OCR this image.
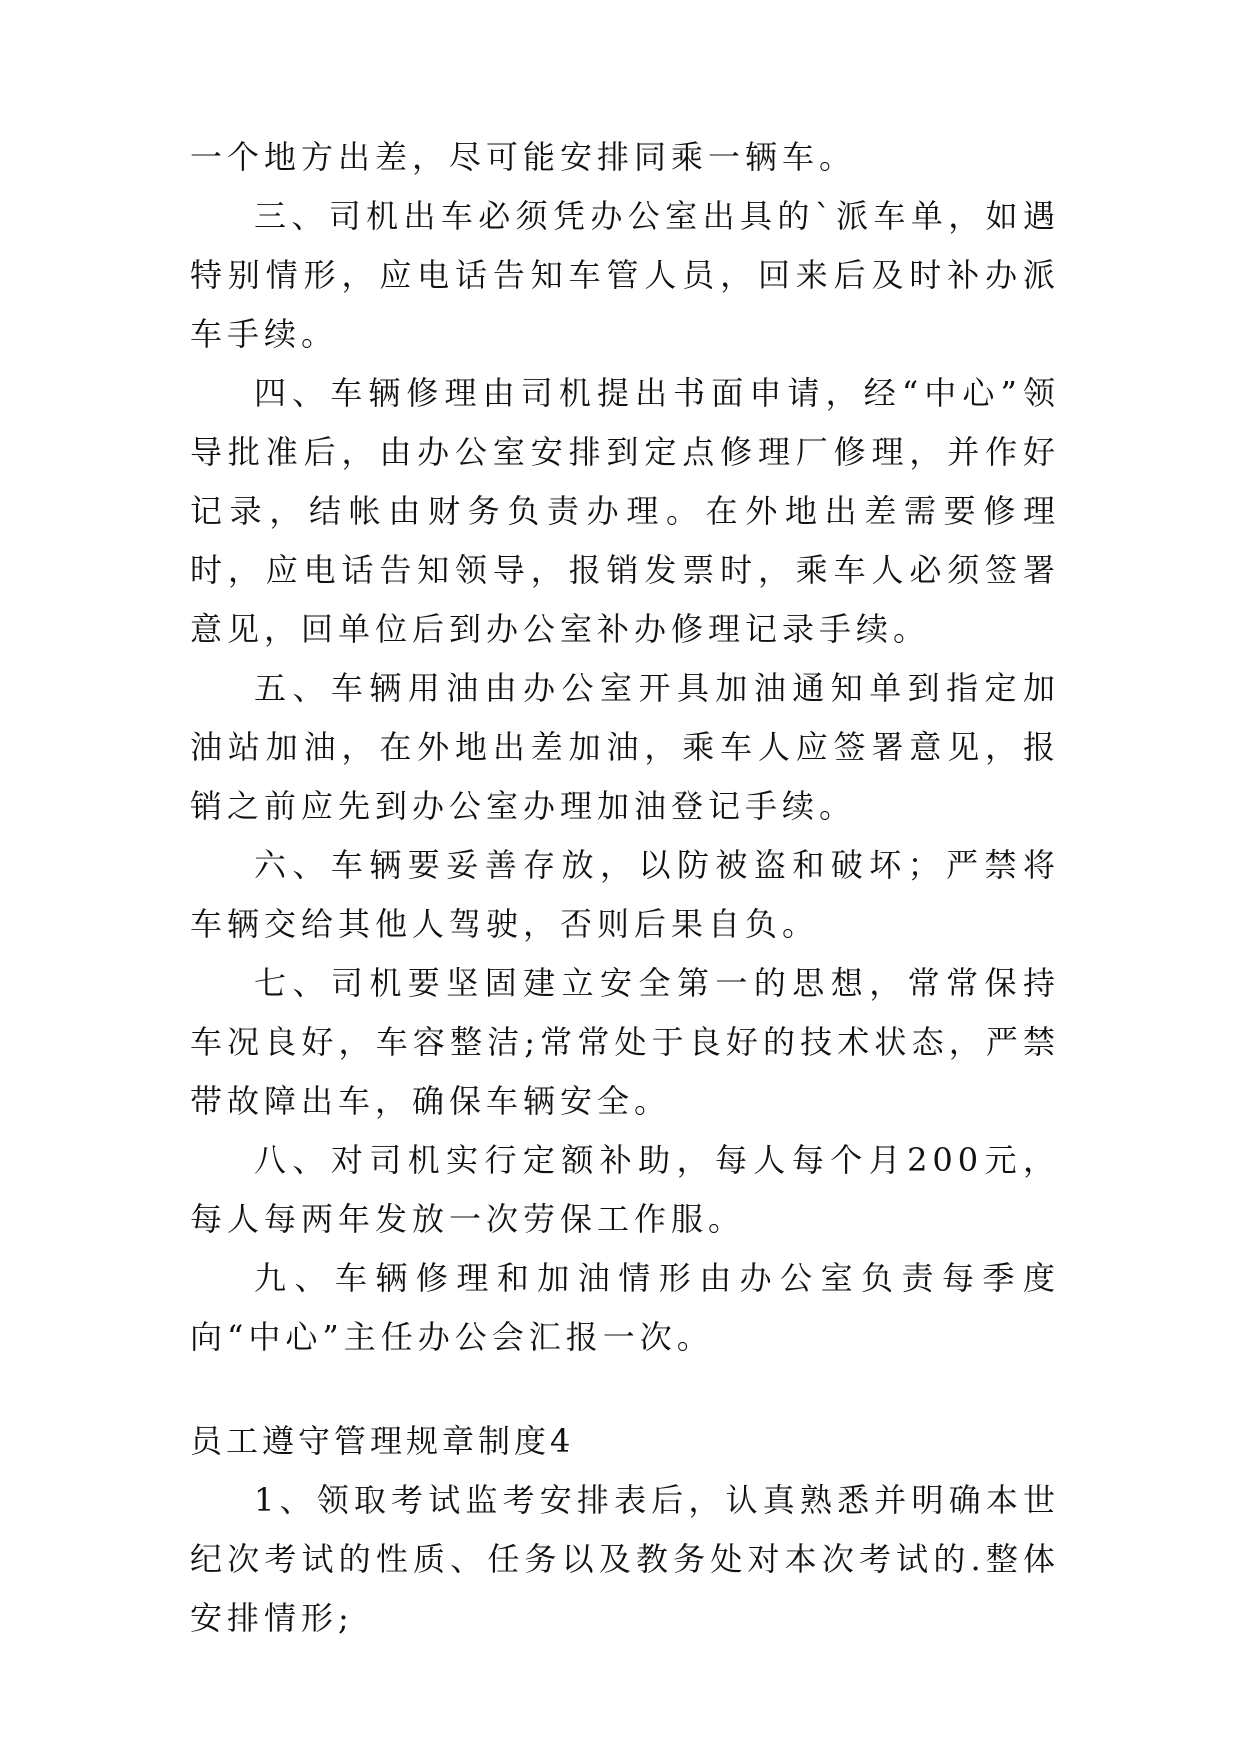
一个地方出差，尽可能安排同乘一辆车。

三、司机出车必须凭办公室出具的`派车单，如遇特别情形，应电话告知车管人员，回来后及时补办派车手续。

四、车辆修理由司机提出书面申请，经“中心”领导批准后，由办公室安排到定点修理厂修理，并作好记录，结帐由财务负责办理。在外地出差需要修理时，应电话告知领导，报销发票时，乘车人必须签署意见，回单位后到办公室补办修理记录手续。

五、车辆用油由办公室开具加油通知单到指定加油站加油，在外地出差加油，乘车人应签署意见，报销之前应先到办公室办理加油登记手续。

六、车辆要妥善存放，以防被盗和破坏；严禁将车辆交给其他人驾驶，否则后果自负。

七、司机要坚固建立安全第一的思想，常常保持车况良好，车容整洁;常常处于良好的技术状态，严禁带故障出车，确保车辆安全。

八、对司机实行定额补助，每人每个月200元，每人每两年发放一次劳保工作服。

九、车辆修理和加油情形由办公室负责每季度向“中心”主任办公会汇报一次。

员工遵守管理规章制度4

1、领取考试监考安排表后，认真熟悉并明确本世纪次考试的性质、任务以及教务处对本次考试的.整体安排情形;
